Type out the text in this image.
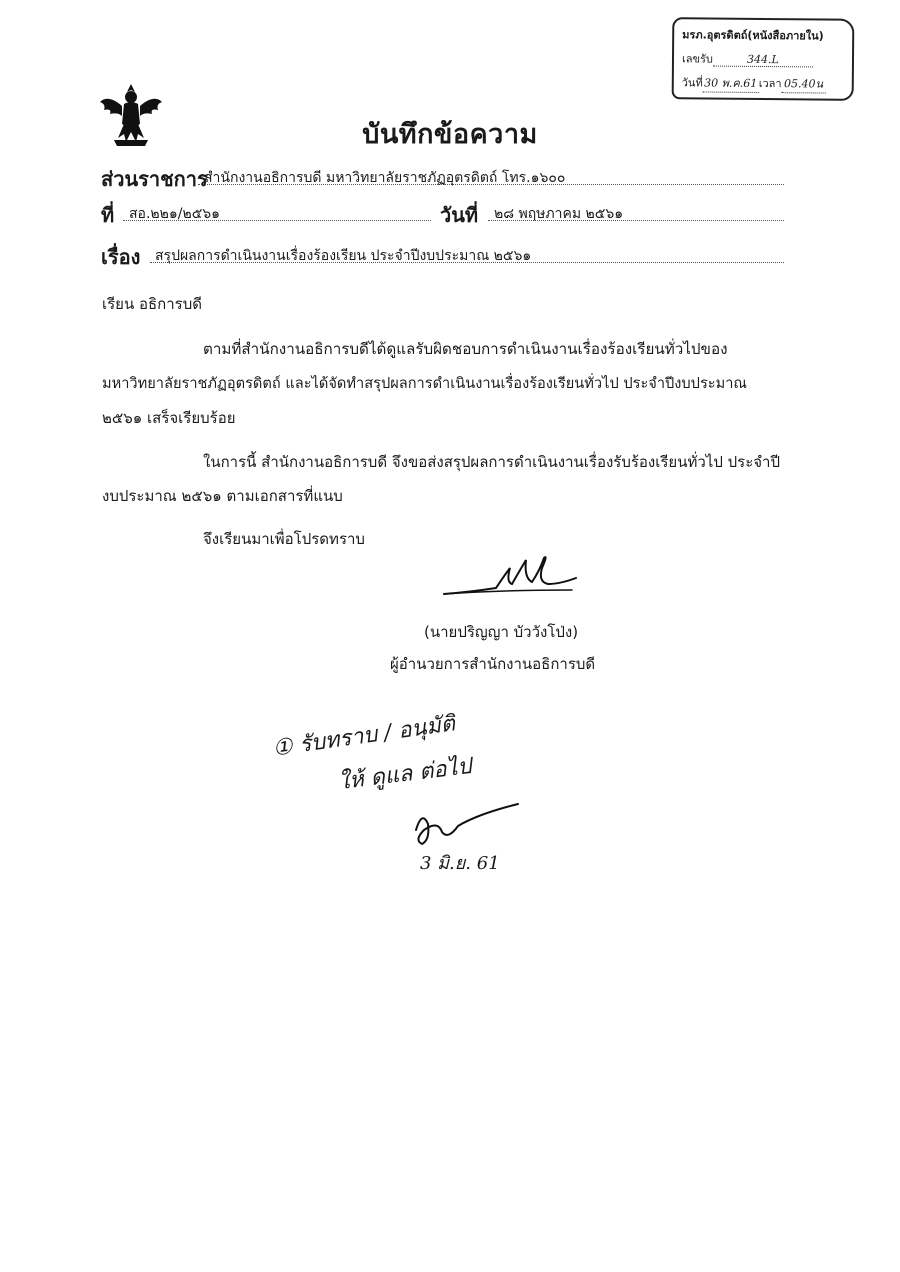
มรภ.อุตรดิตถ์(หนังสือภายใน)
เลขรับ	344.L
วันที่30 พ.ค.61เวลา 05.40น
บันทึกข้อความ
ส่วนราชการ
สำนักงานอธิการบดี มหาวิทยาลัยราชภัฏอุตรดิตถ์ โทร.๑๖๐๐
ที่ สอ.๒๒๑/๒๕๖๑	วันที่ ๒๘ พฤษภาคม ๒๕๖๑
เรื่อง สรุปผลการดำเนินงานเรื่องร้องเรียน ประจำปีงบประมาณ ๒๕๖๑
เรียน อธิการบดี
ตามที่สำนักงานอธิการบดีได้ดูแลรับผิดชอบการดำเนินงานเรื่องร้องเรียนทั่วไปของ
มหาวิทยาลัยราชภัฏอุตรดิตถ์ และได้จัดทำสรุปผลการดำเนินงานเรื่องร้องเรียนทั่วไป ประจำปีงบประมาณ
๒๕๖๑ เสร็จเรียบร้อย
ในการนี้ สำนักงานอธิการบดี จึงขอส่งสรุปผลการดำเนินงานเรื่องรับร้องเรียนทั่วไป ประจำปี
งบประมาณ ๒๕๖๑ ตามเอกสารที่แนบ
จึงเรียนมาเพื่อโปรดทราบ
(นายปริญญา บัววังโป่ง)
ผู้อำนวยการสำนักงานอธิการบดี
① รับทราบ / อนุมัติ
ให้ ดูแล ต่อไป
3 มิ.ย. 61
